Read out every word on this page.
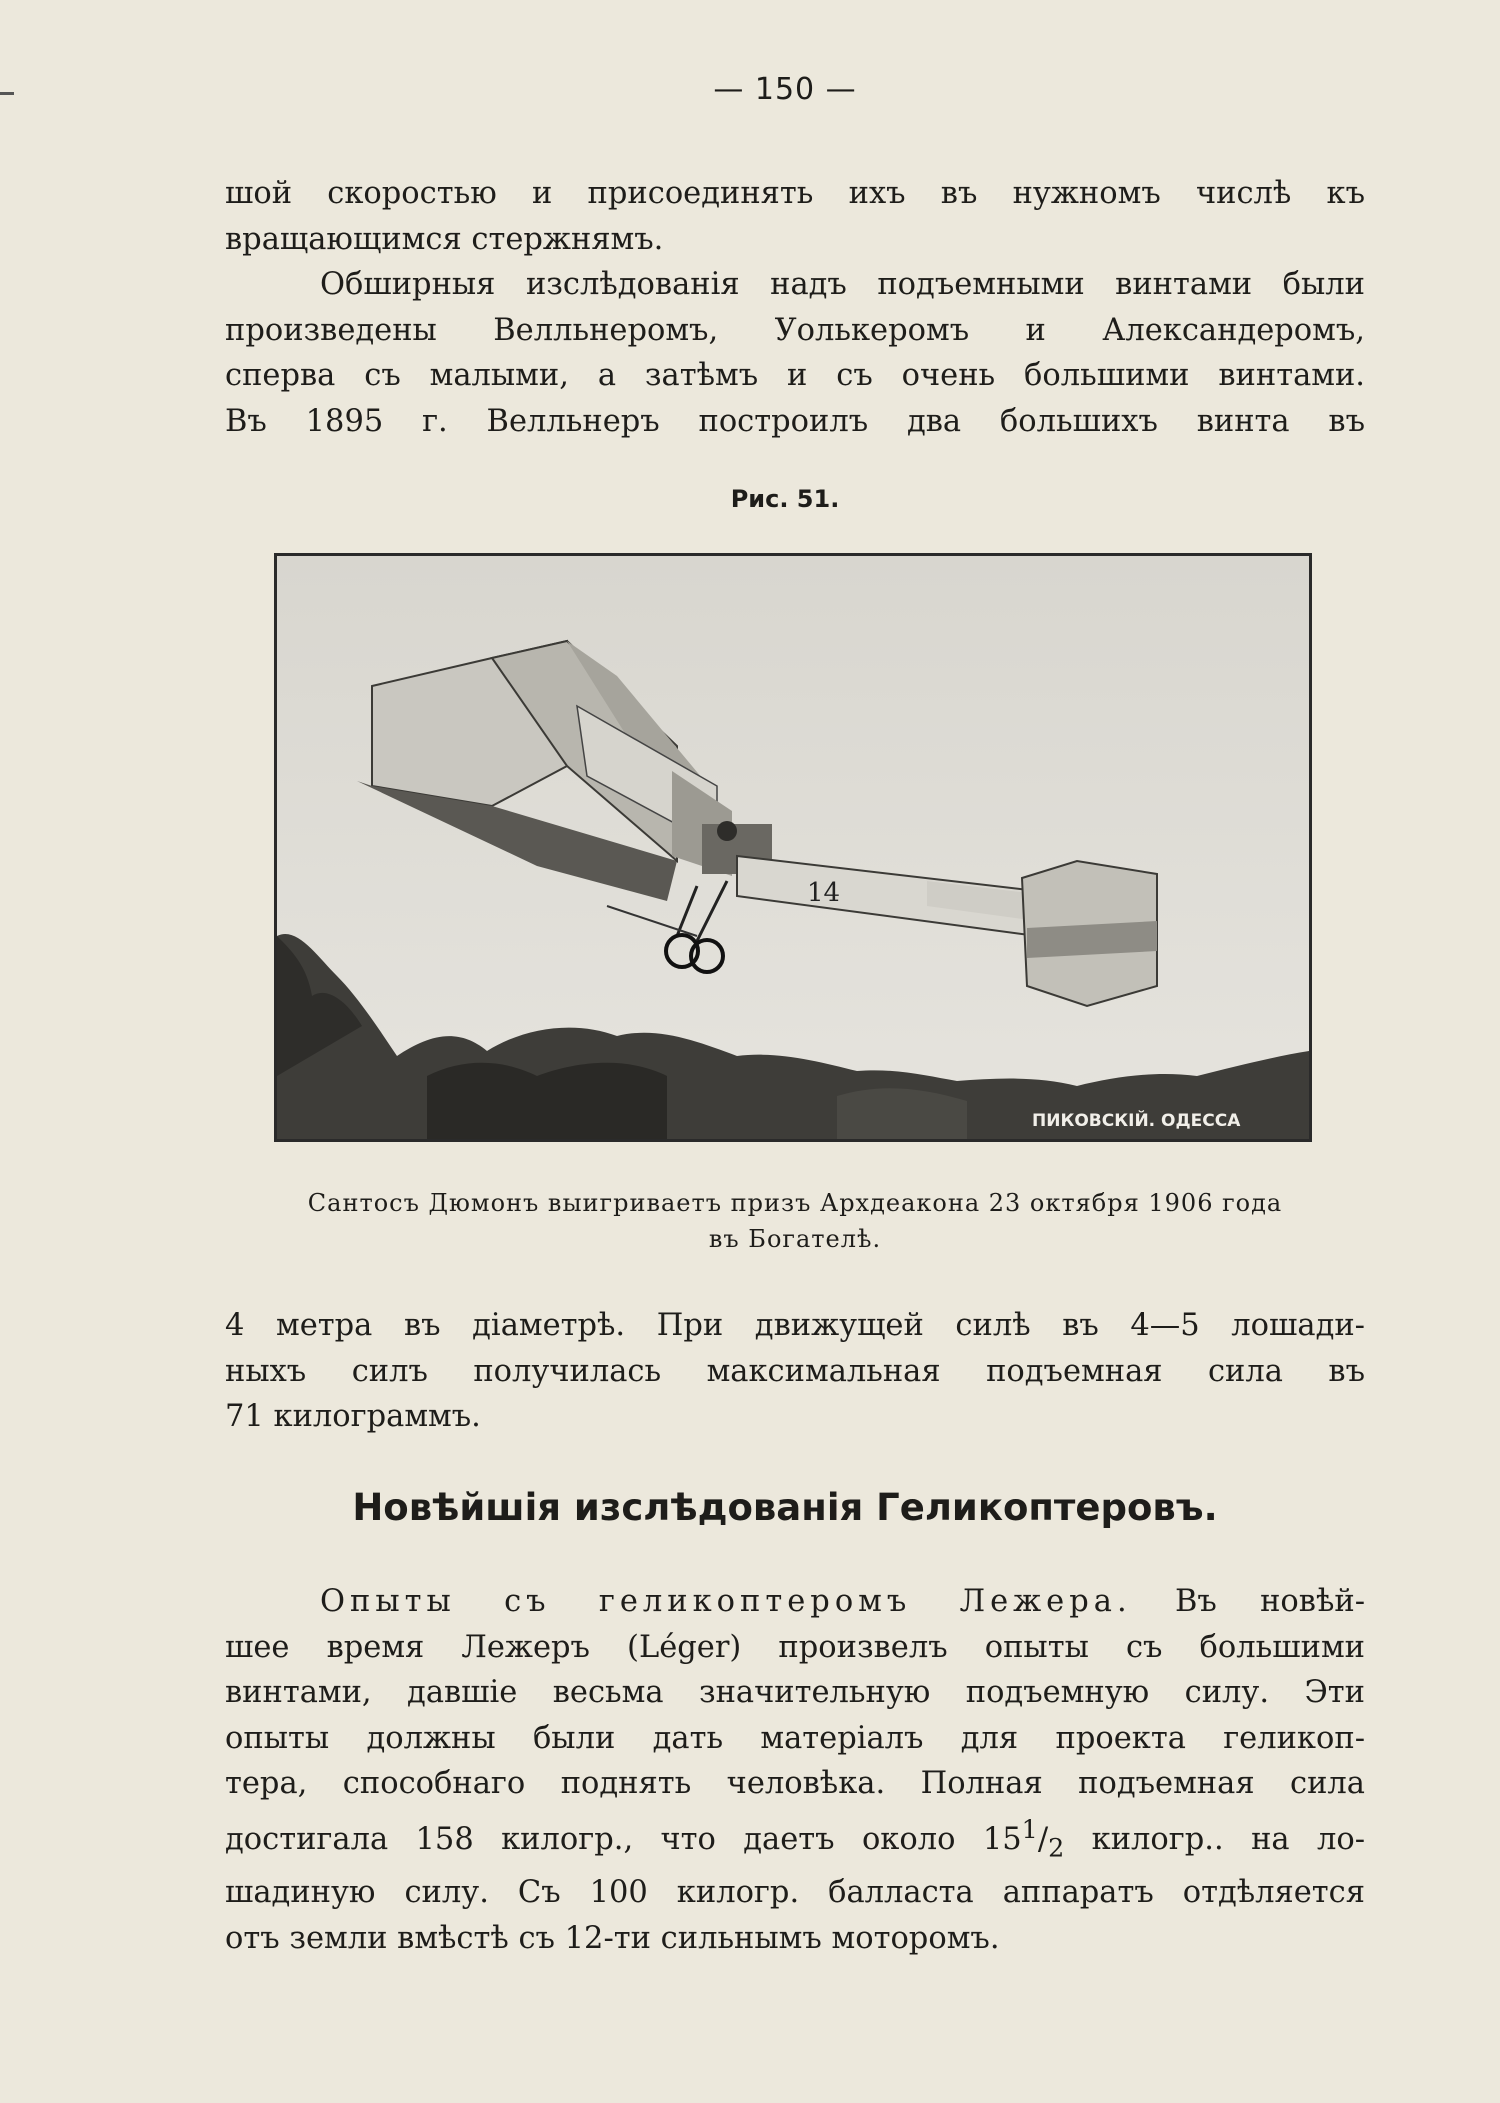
— 150 —
шой скоростью и присоединять ихъ въ нужномъ числѣ къ
вращающимся стержнямъ.
Обширныя изслѣдованія надъ подъемными винтами были
произведены Велльнеромъ, Уолькеромъ и Александеромъ,
сперва съ малыми, а затѣмъ и съ очень большими винтами.
Въ 1895 г. Велльнеръ построилъ два большихъ винта въ
Рис. 51.
14
ПИКОВСКІЙ. ОДЕССА
Сантосъ Дюмонъ выигриваетъ призъ Архдеакона 23 октября 1906 года
въ Богателѣ.
4 метра въ діаметрѣ. При движущей силѣ въ 4—5 лошади-
ныхъ силъ получилась максимальная подъемная сила въ
71 килограммъ.
Новѣйшія изслѣдованія Геликоптеровъ.
Опыты съ геликоптеромъ Лежера. Въ новѣй-
шее время Лежеръ (Léger) произвелъ опыты съ большими
винтами, давшіе весьма значительную подъемную силу. Эти
опыты должны были дать матеріалъ для проекта геликоп-
тера, способнаго поднять человѣка. Полная подъемная сила
достигала 158 килогр., что даетъ около $15^1/_2$ килогр.. на ло-
шадиную силу. Съ 100 килогр. балласта аппаратъ отдѣляется
отъ земли вмѣстѣ съ 12-ти сильнымъ моторомъ.
